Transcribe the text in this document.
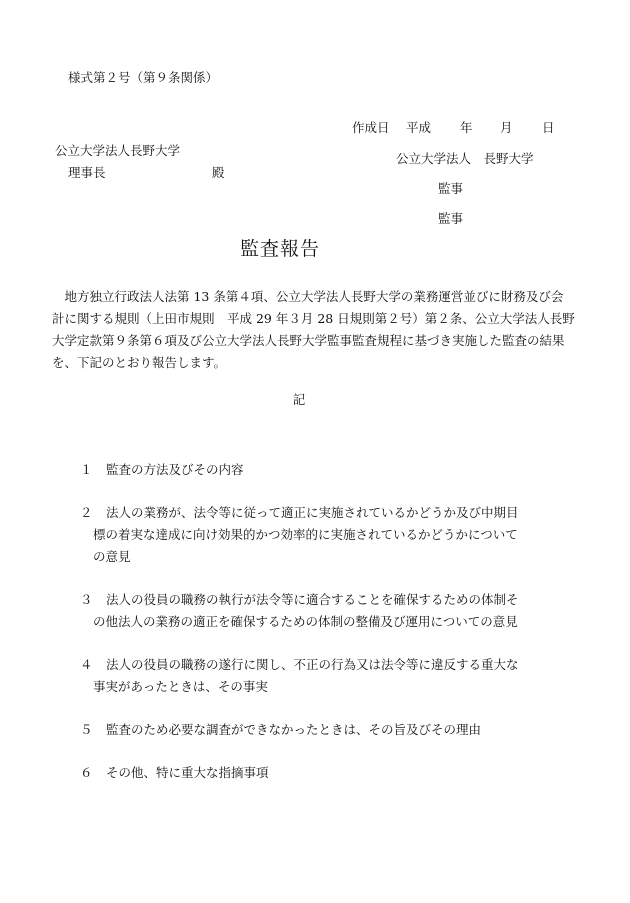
様式第２号（第９条関係）
作成日 平成 年 月 日
公立大学法人長野大学
理事長	殿
公立大学法人　長野大学
監事
監事
監査報告
　地方独立行政法人法第 13 条第４項、公立大学法人長野大学の業務運営並びに財務及び会
計に関する規則（上田市規則　平成 29 年３月 28 日規則第２号）第２条、公立大学法人長野
大学定款第９条第６項及び公立大学法人長野大学監事監査規程に基づき実施した監査の結果
を、下記のとおり報告します。
記
１ 監査の方法及びその内容
２ 法人の業務が、法令等に従って適正に実施されているかどうか及び中期目
標の着実な達成に向け効果的かつ効率的に実施されているかどうかについて
の意見
３ 法人の役員の職務の執行が法令等に適合することを確保するための体制そ
の他法人の業務の適正を確保するための体制の整備及び運用についての意見
４ 法人の役員の職務の遂行に関し、不正の行為又は法令等に違反する重大な
事実があったときは、その事実
５ 監査のため必要な調査ができなかったときは、その旨及びその理由
６ その他、特に重大な指摘事項
